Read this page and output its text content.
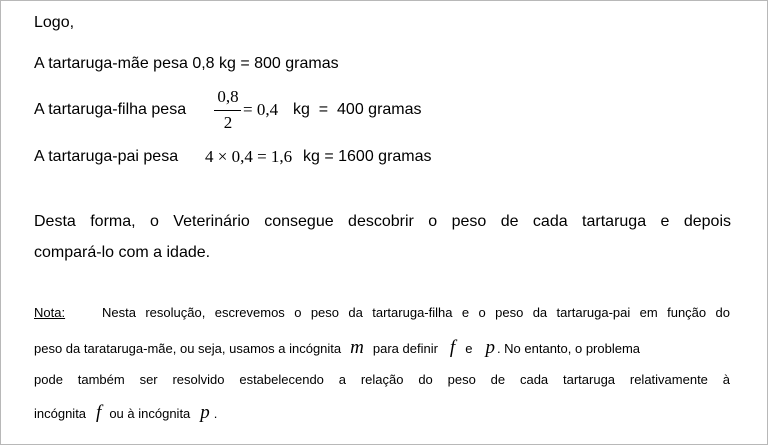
Logo,
A tartaruga-mãe pesa 0,8 kg = 800 gramas
A tartaruga-filha pesa
0,8
2
= 0,4 kg  =  400 gramas
A tartaruga-pai pesa 4 × 0,4 = 1,6 kg = 1600 gramas
Desta forma, o Veterinário consegue descobrir o peso de cada tartaruga e depois
compará-lo com a idade.
Nota:	Nesta resolução, escrevemos o peso da tartaruga-filha e o peso da tartaruga-pai em função do
peso da tarataruga-mãe, ou seja, usamos a incógnita m para definir f e p . No entanto, o problema
pode também ser resolvido estabelecendo a relação do peso de cada tartaruga relativamente à
incógnita f ou à incógnita p .
